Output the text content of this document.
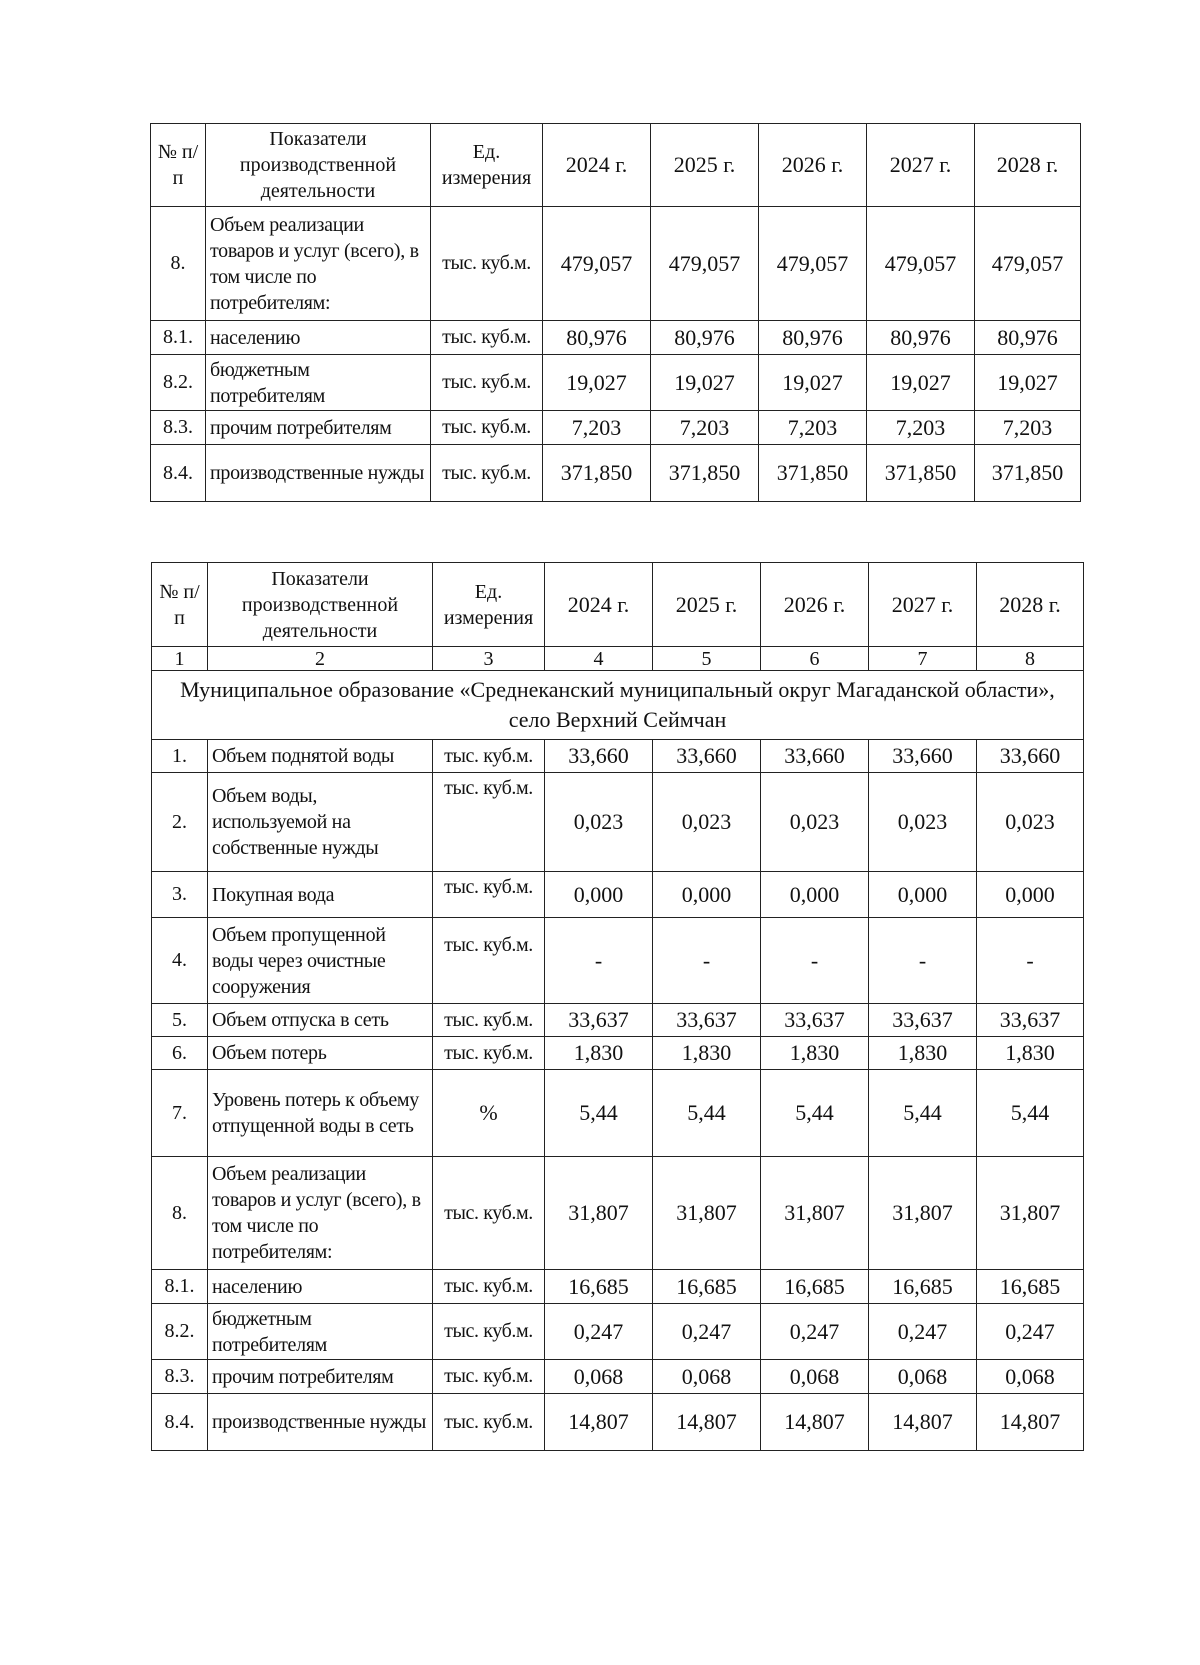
№ п/п	Показатели производственной деятельности	Ед. измерения	2024 г.	2025 г.	2026 г.	2027 г.	2028 г.
8.	Объем реализации товаров и услуг (всего), в том числе по потребителям:	тыс. куб.м.	479,057	479,057	479,057	479,057	479,057
8.1.	населению	тыс. куб.м.	80,976	80,976	80,976	80,976	80,976
8.2.	бюджетным потребителям	тыс. куб.м.	19,027	19,027	19,027	19,027	19,027
8.3.	прочим потребителям	тыс. куб.м.	7,203	7,203	7,203	7,203	7,203
8.4.	производственные нужды	тыс. куб.м.	371,850	371,850	371,850	371,850	371,850
№ п/п	Показатели производственной деятельности	Ед. измерения	2024 г.	2025 г.	2026 г.	2027 г.	2028 г.
1	2	3	4	5	6	7	8
Муниципальное образование «Среднеканский муниципальный округ Магаданской области», село Верхний Сеймчан							
1.	Объем поднятой воды	тыс. куб.м.	33,660	33,660	33,660	33,660	33,660
2.	Объем воды, используемой на собственные нужды	тыс. куб.м.	0,023	0,023	0,023	0,023	0,023
3.	Покупная вода	тыс. куб.м.	0,000	0,000	0,000	0,000	0,000
4.	Объем пропущенной воды через очистные сооружения	тыс. куб.м.	-	-	-	-	-
5.	Объем отпуска в сеть	тыс. куб.м.	33,637	33,637	33,637	33,637	33,637
6.	Объем потерь	тыс. куб.м.	1,830	1,830	1,830	1,830	1,830
7.	Уровень потерь к объему отпущенной воды в сеть	%	5,44	5,44	5,44	5,44	5,44
8.	Объем реализации товаров и услуг (всего), в том числе по потребителям:	тыс. куб.м.	31,807	31,807	31,807	31,807	31,807
8.1.	населению	тыс. куб.м.	16,685	16,685	16,685	16,685	16,685
8.2.	бюджетным потребителям	тыс. куб.м.	0,247	0,247	0,247	0,247	0,247
8.3.	прочим потребителям	тыс. куб.м.	0,068	0,068	0,068	0,068	0,068
8.4.	производственные нужды	тыс. куб.м.	14,807	14,807	14,807	14,807	14,807
